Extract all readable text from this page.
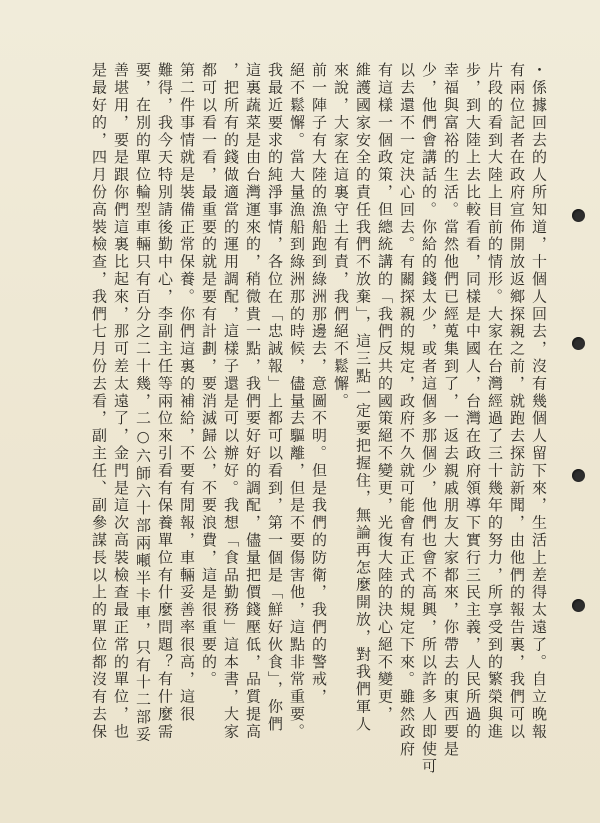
・係據回去的人所知道，十個人回去，沒有幾個人留下來，生活上差得太遠了。自立晚報
有兩位記者在政府宣佈開放返鄉探親之前，就跑去探訪新聞，由他們的報告裏，我們可以
片段的看到大陸上目前的情形。大家在台灣經過了三十幾年的努力，所享受到的繁榮與進
步，到大陸上去比較看看，同樣是中國人，台灣在政府領導下實行三民主義，人民所過的
幸福與富裕的生活。當然他們已經蒐集到了，一返去親戚朋友大家都來，你帶去的東西要是
少，他們會講話的。你給的錢太少，或者這個多那個少，他們也會不高興，所以許多人即使可
以去還不一定決心回去。有關探親的規定，政府不久就可能會有正式的規定下來。雖然政府
有這樣一個政策，但總統講的「我們反共的國策絕不變更，光復大陸的決心絕不變更，
維護國家安全的責任我們不放棄」，這三點一定要把握住，無論再怎麼開放，對我們軍人
來說，大家在這裏守土有責，我們絕不鬆懈。
前一陣子有大陸的漁船跑到綠洲那邊去，意圖不明。但是我們的防衛，我們的警戒，
絕不鬆懈。當大量漁船到綠洲那的時候，儘量去驅離，但是不要傷害他，這點非常重要。
我最近要求的純淨事情，各位在「忠誠報」上都可以看到，第一個是「鮮好伙食」，你們
這裏蔬菜是由台灣運來的，稍微貴一點，我們要好好的調配，儘量把價錢壓低，品質提高
，把所有的錢做適當的運用調配，這樣子還是可以辦好。我想「食品勤務」這本書，大家
都可以看一看，最重要的就是要有計劃，要消滅歸公，不要浪費，這是很重要的。
第二件事情就是裝備正常保養。你們這裏的補給，不要有閒報，車輛妥善率很高，這很
難得，我今天特別請後勤中心，李副主任等兩位來引看有保養單位有什麼問題？有什麼需
要，在別的單位輪型車輛只有百分之二十幾，二○六師六十部兩噸半卡車，只有十二部妥
善堪用，要是跟你們這裏比起來，那可差太遠了，金門是這次高裝檢查最正常的單位，也
是最好的，四月份高裝檢查，我們七月份去看，副主任、副參謀長以上的單位都沒有去保
